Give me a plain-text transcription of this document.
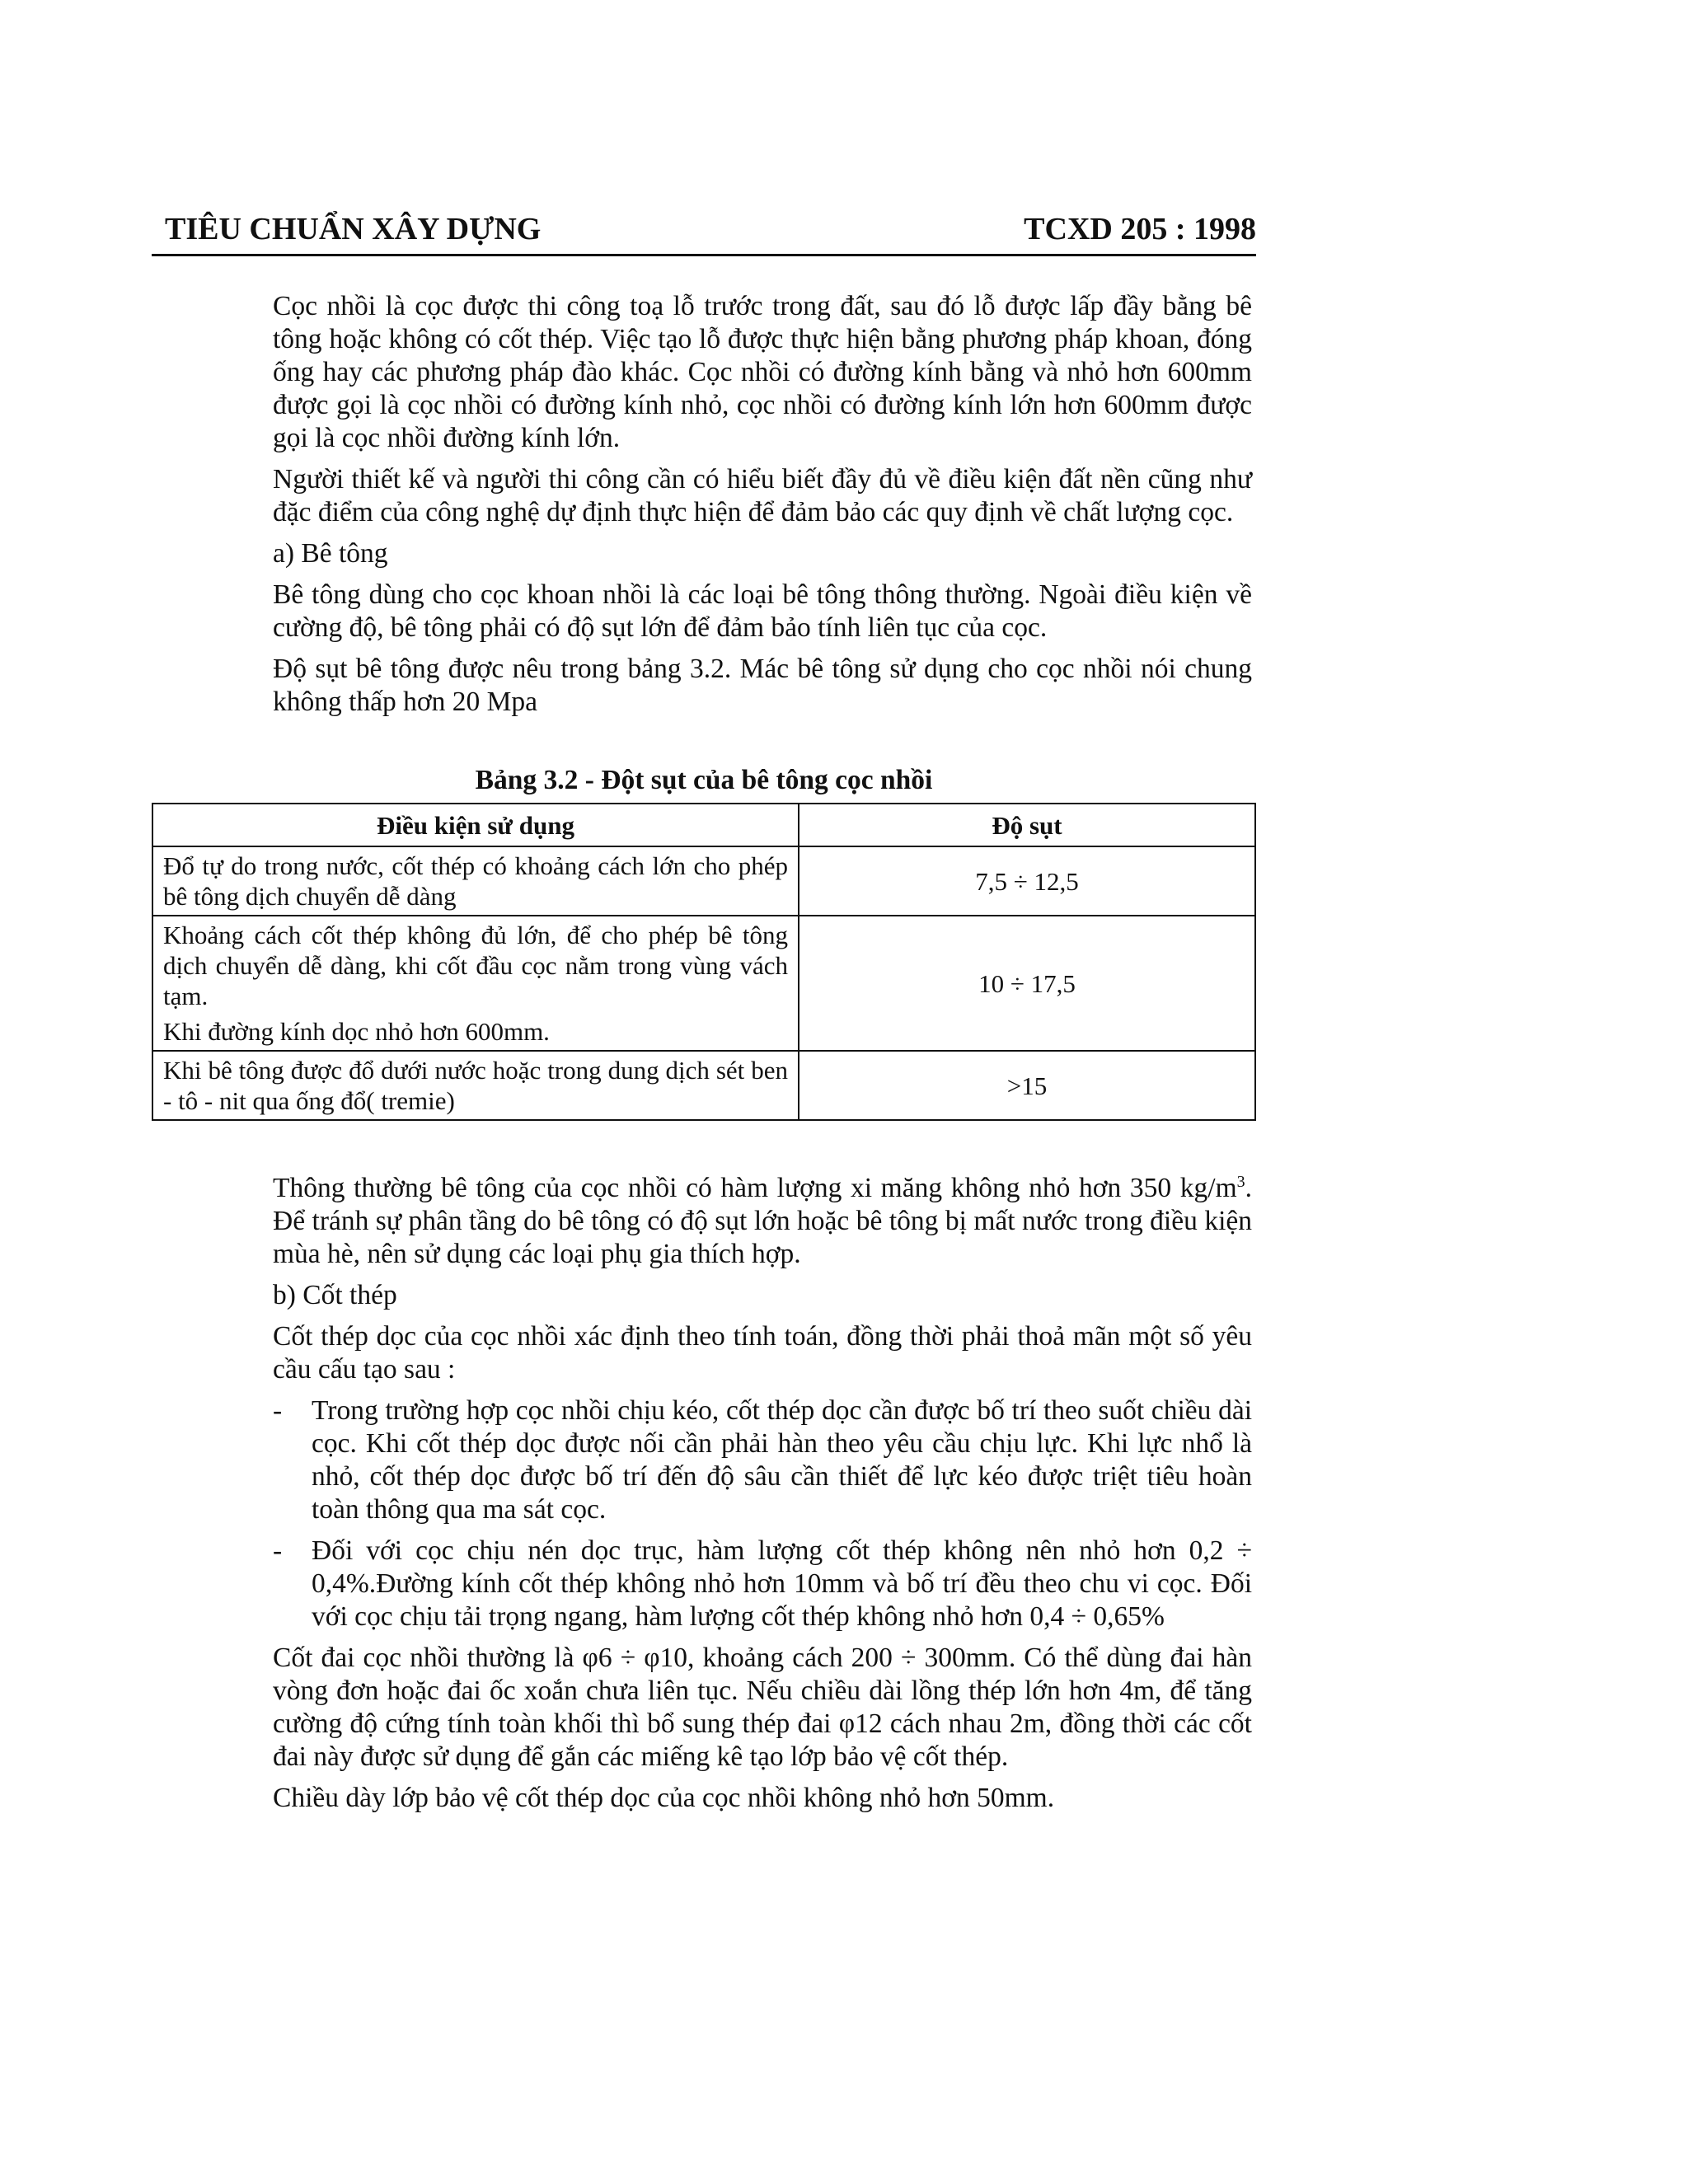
TIÊU CHUẨN XÂY DỰNG	TCXD 205 : 1998

Cọc nhồi là cọc được thi công toạ lỗ trước trong đất, sau đó lỗ được lấp đầy bằng bê tông hoặc không có cốt thép. Việc tạo lỗ được thực hiện bằng phương pháp khoan, đóng ống hay các phương pháp đào khác. Cọc nhồi có đường kính bằng và nhỏ hơn 600mm được gọi là cọc nhồi có đường kính nhỏ, cọc nhồi có đường kính lớn hơn 600mm được gọi là cọc nhồi đường kính lớn.

Người thiết kế và người thi công cần có hiểu biết đầy đủ về điều kiện đất nền cũng như đặc điểm của công nghệ dự định thực hiện để đảm bảo các quy định về chất lượng cọc.

a) Bê tông

Bê tông dùng cho cọc khoan nhồi là các loại bê tông thông thường. Ngoài điều kiện về cường độ, bê tông phải có độ sụt lớn để đảm bảo tính liên tục của cọc.

Độ sụt bê tông được nêu trong bảng 3.2. Mác bê tông sử dụng cho cọc nhồi nói chung không thấp hơn 20 Mpa

Bảng 3.2 - Đột sụt của bê tông cọc nhồi
Điều kiện sử dụng	Độ sụt

Đổ tự do trong nước, cốt thép có khoảng cách lớn cho phép bê tông dịch chuyển dễ dàng	7,5 ÷ 12,5

Khoảng cách cốt thép không đủ lớn, để cho phép bê tông dịch chuyển dễ dàng, khi cốt đầu cọc nằm trong vùng vách tạm.
Khi đường kính dọc nhỏ hơn 600mm.	10 ÷ 17,5

Khi bê tông được đổ dưới nước hoặc trong dung dịch sét ben - tô - nit qua ống đổ( tremie)	>15

Thông thường bê tông của cọc nhồi có hàm lượng xi măng không nhỏ hơn 350 $kg/m^3$. Để tránh sự phân tầng do bê tông có độ sụt lớn hoặc bê tông bị mất nước trong điều kiện mùa hè, nên sử dụng các loại phụ gia thích hợp.

b) Cốt thép

Cốt thép dọc của cọc nhồi xác định theo tính toán, đồng thời phải thoả mãn một số yêu cầu cấu tạo sau :

- Trong trường hợp cọc nhồi chịu kéo, cốt thép dọc cần được bố trí theo suốt chiều dài cọc. Khi cốt thép dọc được nối cần phải hàn theo yêu cầu chịu lực. Khi lực nhổ là nhỏ, cốt thép dọc được bố trí đến độ sâu cần thiết để lực kéo được triệt tiêu hoàn toàn thông qua ma sát cọc.
- Đối với cọc chịu nén dọc trục, hàm lượng cốt thép không nên nhỏ hơn 0,2 ÷ 0,4%.Đường kính cốt thép không nhỏ hơn 10mm và bố trí đều theo chu vi cọc. Đối với cọc chịu tải trọng ngang, hàm lượng cốt thép không nhỏ hơn 0,4 ÷ 0,65%

Cốt đai cọc nhồi thường là φ6 ÷ φ10, khoảng cách 200 ÷ 300mm. Có thể dùng đai hàn vòng đơn hoặc đai ốc xoắn chưa liên tục. Nếu chiều dài lồng thép lớn hơn 4m, để tăng cường độ cứng tính toàn khối thì bổ sung thép đai φ12 cách nhau 2m, đồng thời các cốt đai này được sử dụng để gắn các miếng kê tạo lớp bảo vệ cốt thép.

Chiều dày lớp bảo vệ cốt thép dọc của cọc nhồi không nhỏ hơn 50mm.
